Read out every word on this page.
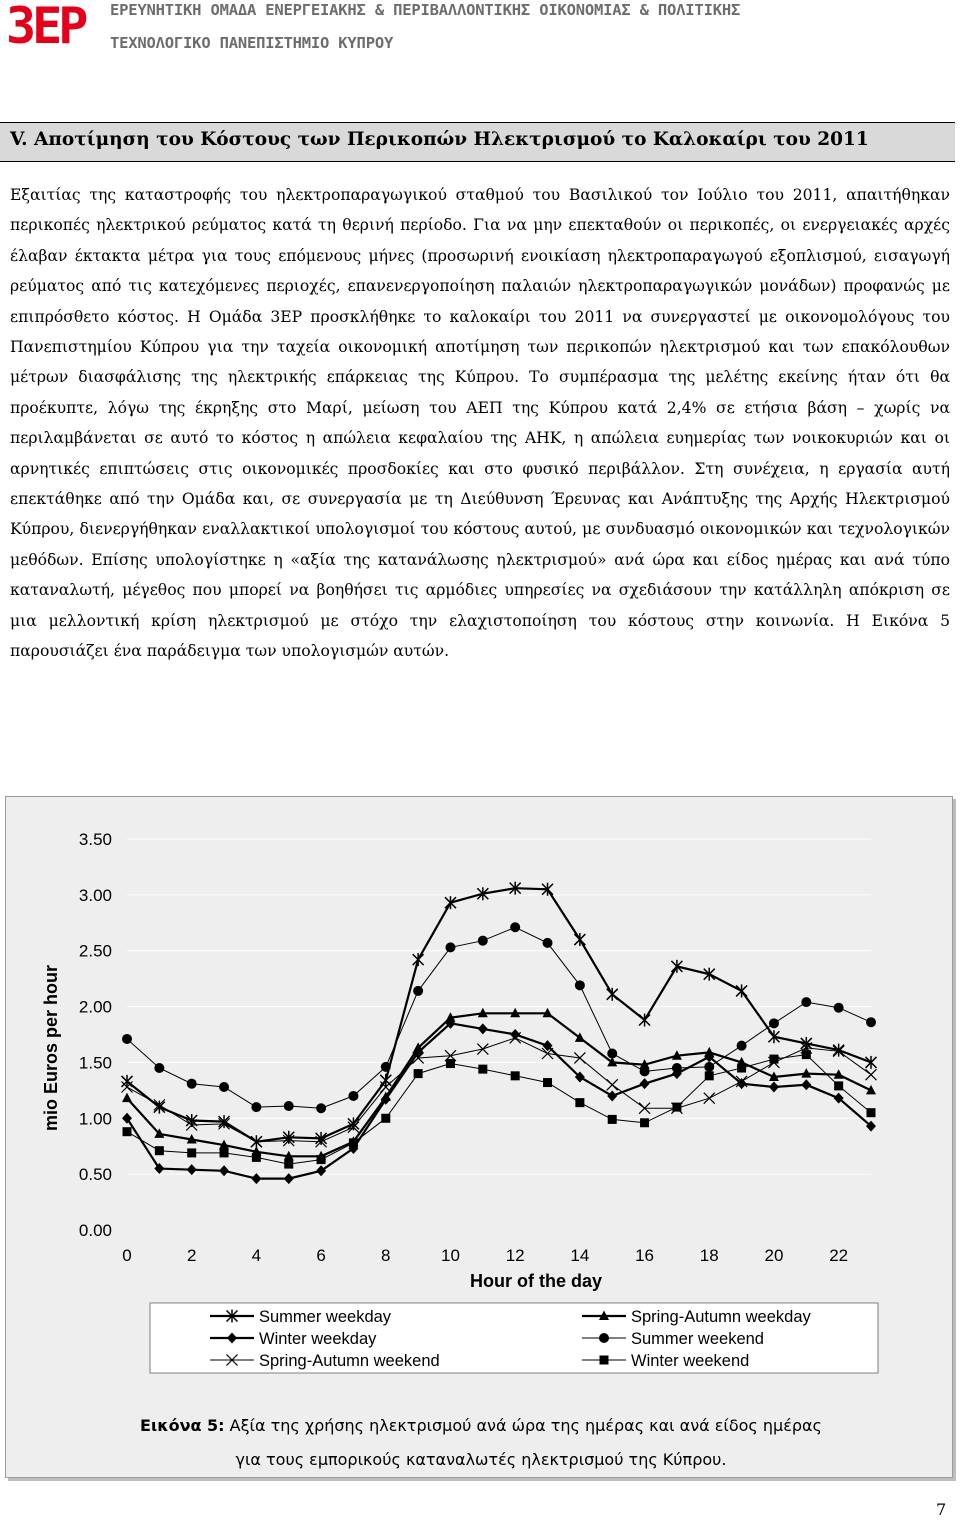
3EP ΕΡΕΥΝΗΤΙΚΗ ΟΜΑΔΑ ΕΝΕΡΓΕΙΑΚΗΣ & ΠΕΡΙΒΑΛΛΟΝΤΙΚΗΣ ΟΙΚΟΝΟΜΙΑΣ & ΠΟΛΙΤΙΚΗΣ
ΤΕΧΝΟΛΟΓΙΚΟ ΠΑΝΕΠΙΣΤΗΜΙΟ ΚΥΠΡΟΥ
V. Αποτίμηση του Κόστους των Περικοπών Ηλεκτρισμού το Καλοκαίρι του 2011
Εξαιτίας της καταστροφής του ηλεκτροπαραγωγικού σταθμού του Βασιλικού τον Ιούλιο του 2011, απαιτήθηκαν περικοπές ηλεκτρικού ρεύματος κατά τη θερινή περίοδο. Για να μην επεκταθούν οι περικοπές, οι ενεργειακές αρχές έλαβαν έκτακτα μέτρα για τους επόμενους μήνες (προσωρινή ενοικίαση ηλεκτροπαραγωγού εξοπλισμού, εισαγωγή ρεύματος από τις κατεχόμενες περιοχές, επανενεργοποίηση παλαιών ηλεκτροπαραγωγικών μονάδων) προφανώς με επιπρόσθετο κόστος. Η Ομάδα 3ΕΡ προσκλήθηκε το καλοκαίρι του 2011 να συνεργαστεί με οικονομολόγους του Πανεπιστημίου Κύπρου για την ταχεία οικονομική αποτίμηση των περικοπών ηλεκτρισμού και των επακόλουθων μέτρων διασφάλισης της ηλεκτρικής επάρκειας της Κύπρου. Το συμπέρασμα της μελέτης εκείνης ήταν ότι θα προέκυπτε, λόγω της έκρηξης στο Μαρί, μείωση του ΑΕΠ της Κύπρου κατά 2,4% σε ετήσια βάση – χωρίς να περιλαμβάνεται σε αυτό το κόστος η απώλεια κεφαλαίου της ΑΗΚ, η απώλεια ευημερίας των νοικοκυριών και οι αρνητικές επιπτώσεις στις οικονομικές προσδοκίες και στο φυσικό περιβάλλον. Στη συνέχεια, η εργασία αυτή επεκτάθηκε από την Ομάδα και, σε συνεργασία με τη Διεύθυνση Έρευνας και Ανάπτυξης της Αρχής Ηλεκτρισμού Κύπρου, διενεργήθηκαν εναλλακτικοί υπολογισμοί του κόστους αυτού, με συνδυασμό οικονομικών και τεχνολογικών μεθόδων. Επίσης υπολογίστηκε η «αξία της κατανάλωσης ηλεκτρισμού» ανά ώρα και είδος ημέρας και ανά τύπο καταναλωτή, μέγεθος που μπορεί να βοηθήσει τις αρμόδιες υπηρεσίες να σχεδιάσουν την κατάλληλη απόκριση σε μια μελλοντική κρίση ηλεκτρισμού με στόχο την ελαχιστοποίηση του κόστους στην κοινωνία. Η Εικόνα 5 παρουσιάζει ένα παράδειγμα των υπολογισμών αυτών.
0.00
0.50
1.00
1.50
2.00
2.50
3.00
3.50
0	2	4	6	8	10	12	14	16	18	20	22
mio Euros per hour
Hour of the day
Summer weekday	Spring-Autumn weekday
Winter weekday	Summer weekend
Spring-Autumn weekend	Winter weekend
Εικόνα 5: Αξία της χρήσης ηλεκτρισμού ανά ώρα της ημέρας και ανά είδος ημέρας
για τους εμπορικούς καταναλωτές ηλεκτρισμού της Κύπρου.
7
